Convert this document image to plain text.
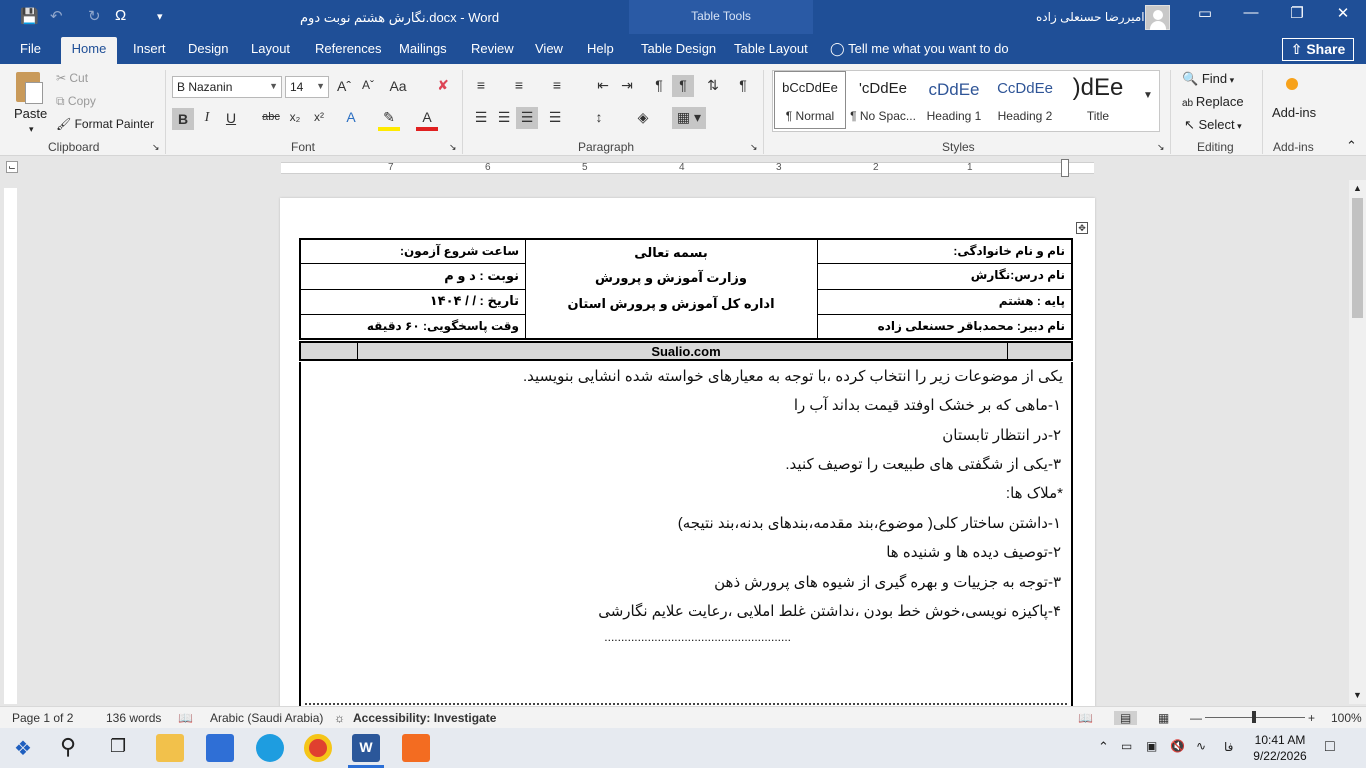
💾 ↶ ↻ Ω	▾	نگارش هشتم نوبت دوم.docx - Word	Table Tools	امیررضا حسنعلی زاده	▭	—	❐	✕
File	Home	Insert Design Layout References Mailings Review View Help Table Design Table Layout ◯ Tell me what you want to do	⇧ Share
Paste
▾
✂ Cut
⧉ Copy
🖌 Format Painter
Clipboard	↘
B Nazanin	▼	14 ▼ Aˆ Aˇ	Aa	✘
B	I	U	abc x₂	x²	A	✎	A
Font	↘
≡	≡	≡	⇤ ⇥	¶	¶	⇅	¶
☰ ☰ ☰	☰	↕	◈	▦ ▾
Paragraph	↘
bCcDdEe
¶ Normal
'cDdEe
¶ No Spac...
cDdEe
Heading 1
CcDdEe
Heading 2
)dEe
Title
▼
Styles	↘
🔍 Find ▾
ab Replace
↖ Select ▾
Editing
Add-ins
Add-ins ⌃
⌙	7	6	5	4	3	2	1
▲
▼
✥
نام و نام خانوادگی:
نام درس:نگارش
پایه : هشتم
نام دبیر: محمدباقر حسنعلی زاده
بسمه تعالی
وزارت آموزش و پرورش
اداره کل آموزش و پرورش استان
ساعت شروع آزمون:
نوبت : د و م
تاریخ : / / ۱۴۰۴
وقت پاسخگویی: ۶۰ دقیقه
Sualio.com
یکی از موضوعات زیر را انتخاب کرده ،با توجه به معیارهای خواسته شده انشایی بنویسید.
۱-ماهی که بر خشک اوفتد قیمت بداند آب را
۲-در انتظار تابستان
۳-یکی از شگفتی های طبیعت را توصیف کنید.
*ملاک ها:
۱-داشتن ساختار کلی( موضوع،بند مقدمه،بندهای بدنه،بند نتیجه)
۲-توصیف دیده ها و شنیده ها
۳-توجه به جزییات و بهره گیری از شیوه های پرورش ذهن
۴-پاکیزه نویسی،خوش خط بودن ،نداشتن غلط املایی ،رعایت علایم نگارشی
........................................................
Page 1 of 2	136 words 📖 Arabic (Saudi Arabia) ☼ Accessibility: Investigate	📖	▤	▦ —	+ 100%
❖ ⚲ ❐	W	⌃ ▭ ▣ 🔇 ∿ فا	10:41 AM
9/22/2026
□
